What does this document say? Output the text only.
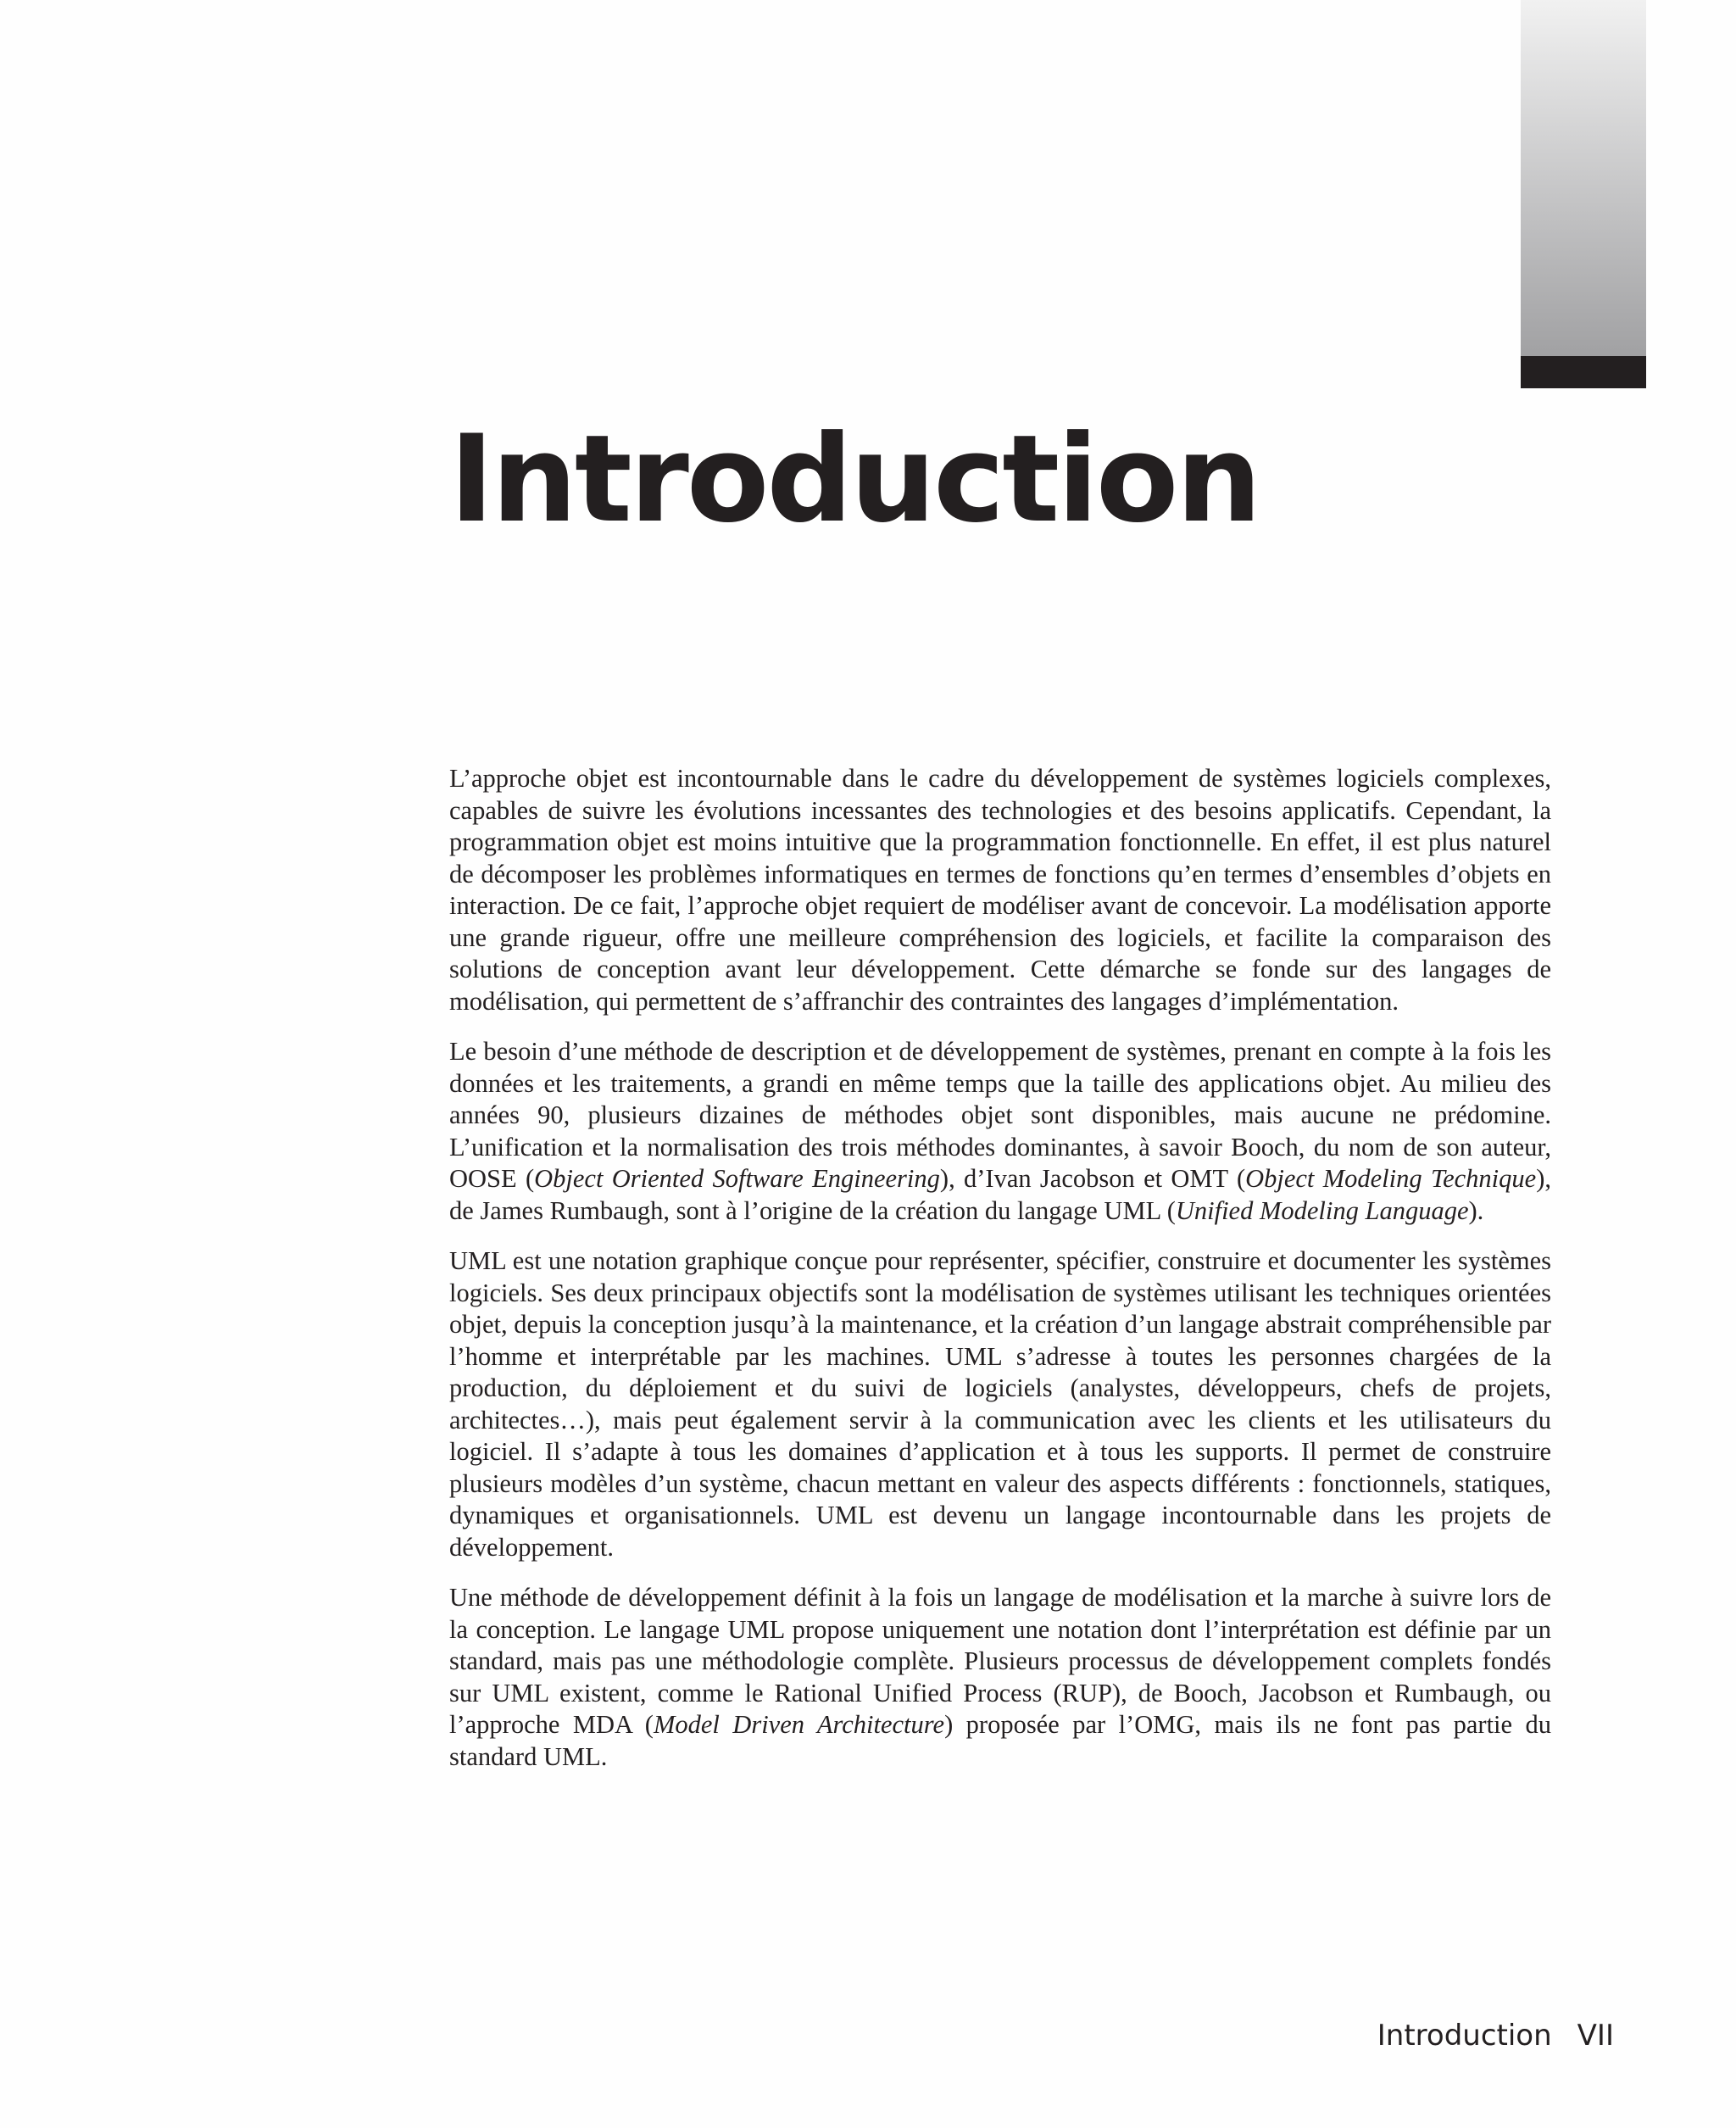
Introduction

L’approche objet est incontournable dans le cadre du développement de systèmes logiciels complexes, capables de suivre les évolutions incessantes des technologies et des besoins applicatifs. Cependant, la programmation objet est moins intuitive que la programmation fonctionnelle. En effet, il est plus naturel de décomposer les problèmes informatiques en termes de fonctions qu’en termes d’ensembles d’objets en interaction. De ce fait, l’approche objet requiert de modéliser avant de concevoir. La modélisation apporte une grande rigueur, offre une meilleure compréhension des logiciels, et facilite la comparaison des solutions de conception avant leur développement. Cette démarche se fonde sur des langages de modélisation, qui permettent de s’affranchir des contraintes des langages d’implémentation.

Le besoin d’une méthode de description et de développement de systèmes, prenant en compte à la fois les données et les traitements, a grandi en même temps que la taille des applications objet. Au milieu des années 90, plusieurs dizaines de méthodes objet sont disponibles, mais aucune ne prédomine. L’unification et la normalisation des trois méthodes dominantes, à savoir Booch, du nom de son auteur, OOSE (Object Oriented Software Engineering), d’Ivan Jacobson et OMT (Object Modeling Technique), de James Rumbaugh, sont à l’origine de la création du langage UML (Unified Modeling Language).

UML est une notation graphique conçue pour représenter, spécifier, construire et documenter les systèmes logiciels. Ses deux principaux objectifs sont la modélisation de systèmes utilisant les techniques orientées objet, depuis la conception jusqu’à la maintenance, et la création d’un langage abstrait compréhensible par l’homme et interprétable par les machines. UML s’adresse à toutes les personnes chargées de la production, du déploiement et du suivi de logiciels (analystes, développeurs, chefs de projets, architectes…), mais peut également servir à la communication avec les clients et les utilisateurs du logiciel. Il s’adapte à tous les domaines d’application et à tous les supports. Il permet de construire plusieurs modèles d’un système, chacun mettant en valeur des aspects différents : fonctionnels, statiques, dynamiques et organisationnels. UML est devenu un langage incontournable dans les projets de développement.

Une méthode de développement définit à la fois un langage de modélisation et la marche à suivre lors de la conception. Le langage UML propose uniquement une notation dont l’interprétation est définie par un standard, mais pas une méthodologie complète. Plusieurs processus de développement complets fondés sur UML existent, comme le Rational Unified Process (RUP), de Booch, Jacobson et Rumbaugh, ou l’approche MDA (Model Driven Architecture) proposée par l’OMG, mais ils ne font pas partie du standard UML.

Introduction VII
